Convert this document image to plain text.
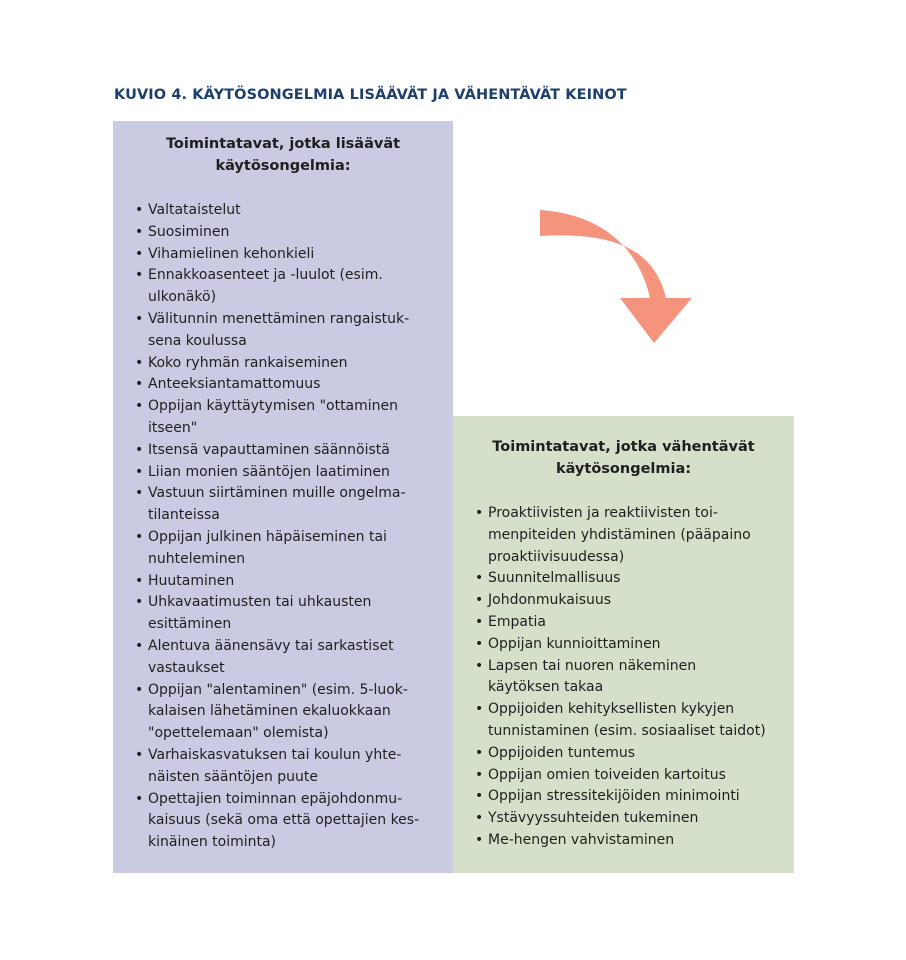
KUVIO 4. KÄYTÖSONGELMIA LISÄÄVÄT JA VÄHENTÄVÄT KEINOT
Toimintatavat, jotka lisäävät
käytösongelmia:
• Valtataistelut
• Suosiminen
• Vihamielinen kehonkieli
• Ennakkoasenteet ja -luulot (esim.
ulkonäkö)
• Välitunnin menettäminen rangaistuk-
sena koulussa
• Koko ryhmän rankaiseminen
• Anteeksiantamattomuus
• Oppijan käyttäytymisen "ottaminen
itseen"
• Itsensä vapauttaminen säännöistä
• Liian monien sääntöjen laatiminen
• Vastuun siirtäminen muille ongelma-
tilanteissa
• Oppijan julkinen häpäiseminen tai
nuhteleminen
• Huutaminen
• Uhkavaatimusten tai uhkausten
esittäminen
• Alentuva äänensävy tai sarkastiset
vastaukset
• Oppijan "alentaminen" (esim. 5-luok-
kalaisen lähetäminen ekaluokkaan
"opettelemaan" olemista)
• Varhaiskasvatuksen tai koulun yhte-
näisten sääntöjen puute
• Opettajien toiminnan epäjohdonmu-
kaisuus (sekä oma että opettajien kes-
kinäinen toiminta)
Toimintatavat, jotka vähentävät
käytösongelmia:
• Proaktiivisten ja reaktiivisten toi-
menpiteiden yhdistäminen (pääpaino
proaktiivisuudessa)
• Suunnitelmallisuus
• Johdonmukaisuus
• Empatia
• Oppijan kunnioittaminen
• Lapsen tai nuoren näkeminen
käytöksen takaa
• Oppijoiden kehityksellisten kykyjen
tunnistaminen (esim. sosiaaliset taidot)
• Oppijoiden tuntemus
• Oppijan omien toiveiden kartoitus
• Oppijan stressitekijöiden minimointi
• Ystävyyssuhteiden tukeminen
• Me-hengen vahvistaminen
